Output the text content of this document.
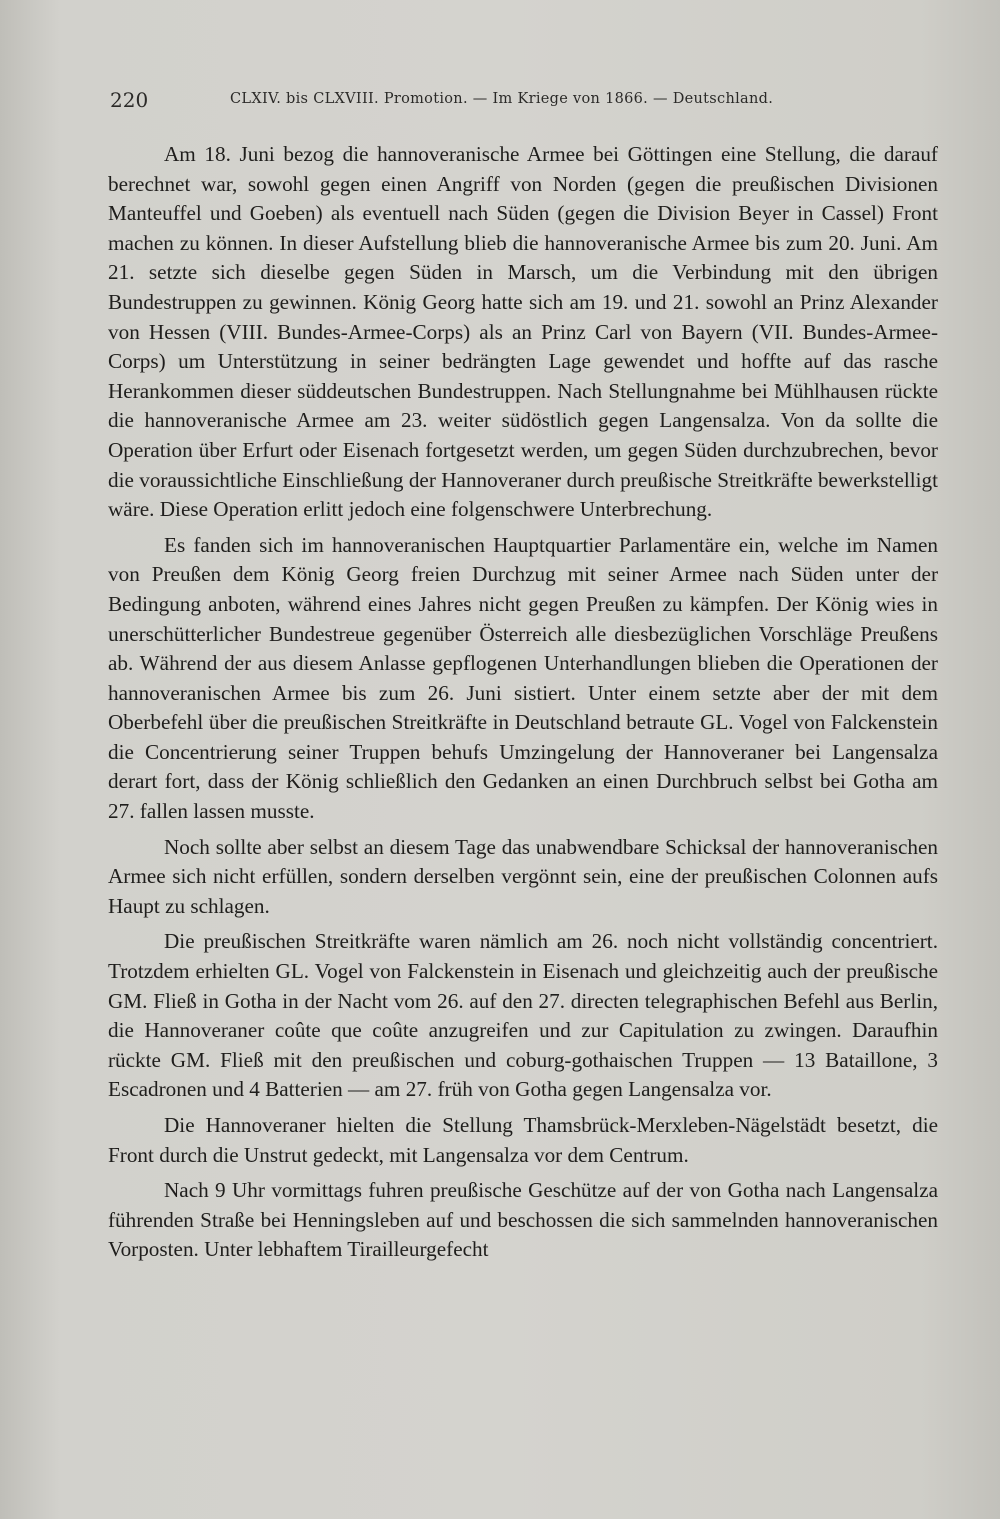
220	CLXIV. bis CLXVIII. Promotion. — Im Kriege von 1866. — Deutschland.

Am 18. Juni bezog die hannoveranische Armee bei Göttingen eine Stellung, die darauf berechnet war, sowohl gegen einen Angriff von Norden (gegen die preußischen Divisionen Manteuffel und Goeben) als eventuell nach Süden (gegen die Division Beyer in Cassel) Front machen zu können. In dieser Aufstellung blieb die hannoveranische Armee bis zum 20. Juni. Am 21. setzte sich dieselbe gegen Süden in Marsch, um die Verbindung mit den übrigen Bundestruppen zu gewinnen. König Georg hatte sich am 19. und 21. sowohl an Prinz Alexander von Hessen (VIII. Bundes-Armee-Corps) als an Prinz Carl von Bayern (VII. Bundes-Armee-Corps) um Unterstützung in seiner bedrängten Lage gewendet und hoffte auf das rasche Herankommen dieser süddeutschen Bundestruppen. Nach Stellungnahme bei Mühlhausen rückte die hannoveranische Armee am 23. weiter südöstlich gegen Langensalza. Von da sollte die Operation über Erfurt oder Eisenach fortgesetzt werden, um gegen Süden durchzubrechen, bevor die voraussichtliche Einschließung der Hannoveraner durch preußische Streitkräfte bewerkstelligt wäre. Diese Operation erlitt jedoch eine folgenschwere Unterbrechung.

Es fanden sich im hannoveranischen Hauptquartier Parlamentäre ein, welche im Namen von Preußen dem König Georg freien Durchzug mit seiner Armee nach Süden unter der Bedingung anboten, während eines Jahres nicht gegen Preußen zu kämpfen. Der König wies in unerschütterlicher Bundestreue gegenüber Österreich alle diesbezüglichen Vorschläge Preußens ab. Während der aus diesem Anlasse gepflogenen Unterhandlungen blieben die Operationen der hannoveranischen Armee bis zum 26. Juni sistiert. Unter einem setzte aber der mit dem Oberbefehl über die preußischen Streitkräfte in Deutschland betraute GL. Vogel von Falckenstein die Concentrierung seiner Truppen behufs Umzingelung der Hannoveraner bei Langensalza derart fort, dass der König schließlich den Gedanken an einen Durchbruch selbst bei Gotha am 27. fallen lassen musste.

Noch sollte aber selbst an diesem Tage das unabwendbare Schicksal der hannoveranischen Armee sich nicht erfüllen, sondern derselben vergönnt sein, eine der preußischen Colonnen aufs Haupt zu schlagen.

Die preußischen Streitkräfte waren nämlich am 26. noch nicht vollständig concentriert. Trotzdem erhielten GL. Vogel von Falckenstein in Eisenach und gleichzeitig auch der preußische GM. Fließ in Gotha in der Nacht vom 26. auf den 27. directen telegraphischen Befehl aus Berlin, die Hannoveraner coûte que coûte anzugreifen und zur Capitulation zu zwingen. Daraufhin rückte GM. Fließ mit den preußischen und coburg-gothaischen Truppen — 13 Bataillone, 3 Escadronen und 4 Batterien — am 27. früh von Gotha gegen Langensalza vor.

Die Hannoveraner hielten die Stellung Thamsbrück-Merxleben-Nägelstädt besetzt, die Front durch die Unstrut gedeckt, mit Langensalza vor dem Centrum.

Nach 9 Uhr vormittags fuhren preußische Geschütze auf der von Gotha nach Langensalza führenden Straße bei Henningsleben auf und beschossen die sich sammelnden hannoveranischen Vorposten. Unter lebhaftem Tirailleurgefecht
